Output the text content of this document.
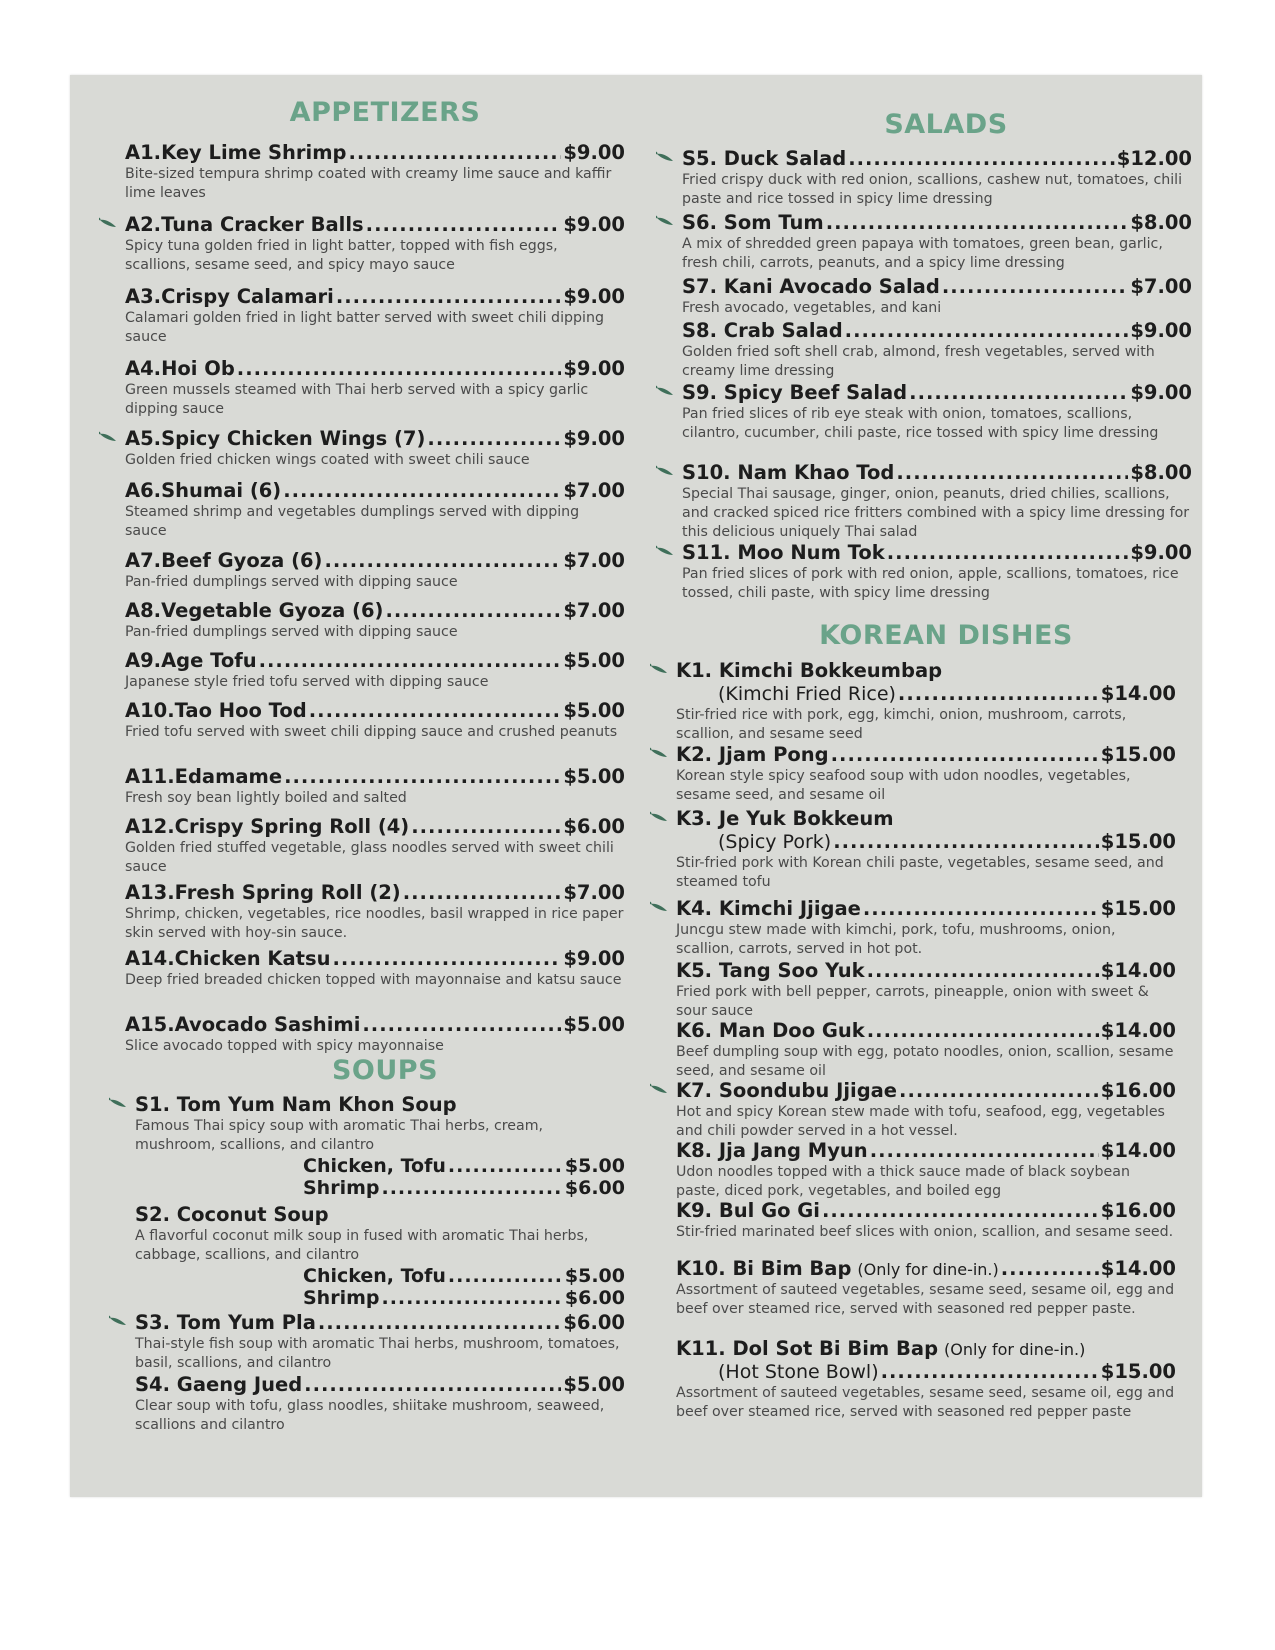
APPETIZERS
A1.Key Lime Shrimp .....	$9.00
Bite-sized tempura shrimp coated with creamy lime sauce and kaffir lime leaves
A2.Tuna Cracker Balls .....	$9.00
Spicy tuna golden fried in light batter, topped with fish eggs, scallions, sesame seed, and spicy mayo sauce
A3.Crispy Calamari .....	$9.00
Calamari golden fried in light batter served with sweet chili dipping sauce
A4.Hoi Ob .....	$9.00
Green mussels steamed with Thai herb served with a spicy garlic dipping sauce
A5.Spicy Chicken Wings (7) .....	$9.00
Golden fried chicken wings coated with sweet chili sauce
A6.Shumai (6) .....	$7.00
Steamed shrimp and vegetables dumplings served with dipping sauce
A7.Beef Gyoza (6) .....	$7.00
Pan-fried dumplings served with dipping sauce
A8.Vegetable Gyoza (6) .....	$7.00
Pan-fried dumplings served with dipping sauce
A9.Age Tofu .....	$5.00
Japanese style fried tofu served with dipping sauce
A10.Tao Hoo Tod .....	$5.00
Fried tofu served with sweet chili dipping sauce and crushed peanuts
A11.Edamame .....	$5.00
Fresh soy bean lightly boiled and salted
A12.Crispy Spring Roll (4) .....	$6.00
Golden fried stuffed vegetable, glass noodles served with sweet chili sauce
A13.Fresh Spring Roll (2) .....	$7.00
Shrimp, chicken, vegetables, rice noodles, basil wrapped in rice paper skin served with hoy-sin sauce.
A14.Chicken Katsu .....	$9.00
Deep fried breaded chicken topped with mayonnaise and katsu sauce
A15.Avocado Sashimi .....	$5.00
Slice avocado topped with spicy mayonnaise
SOUPS
S1. Tom Yum Nam Khon Soup
Famous Thai spicy soup with aromatic Thai herbs, cream, mushroom, scallions, and cilantro
Chicken, Tofu .....	$5.00
Shrimp .....	$6.00
S2. Coconut Soup
A flavorful coconut milk soup in fused with aromatic Thai herbs, cabbage, scallions, and cilantro
Chicken, Tofu .....	$5.00
Shrimp .....	$6.00
S3. Tom Yum Pla .....	$6.00
Thai-style fish soup with aromatic Thai herbs, mushroom, tomatoes, basil, scallions, and cilantro
S4. Gaeng Jued .....	$5.00
Clear soup with tofu, glass noodles, shiitake mushroom, seaweed, scallions and cilantro
SALADS
S5. Duck Salad .....	$12.00
Fried crispy duck with red onion, scallions, cashew nut, tomatoes, chili paste and rice tossed in spicy lime dressing
S6. Som Tum .....	$8.00
A mix of shredded green papaya with tomatoes, green bean, garlic, fresh chili, carrots, peanuts, and a spicy lime dressing
S7. Kani Avocado Salad .....	$7.00
Fresh avocado, vegetables, and kani
S8. Crab Salad .....	$9.00
Golden fried soft shell crab, almond, fresh vegetables, served with creamy lime dressing
S9. Spicy Beef Salad .....	$9.00
Pan fried slices of rib eye steak with onion, tomatoes, scallions, cilantro, cucumber, chili paste, rice tossed with spicy lime dressing
S10. Nam Khao Tod .....	$8.00
Special Thai sausage, ginger, onion, peanuts, dried chilies, scallions, and cracked spiced rice fritters combined with a spicy lime dressing for this delicious uniquely Thai salad
S11. Moo Num Tok .....	$9.00
Pan fried slices of pork with red onion, apple, scallions, tomatoes, rice tossed, chili paste, with spicy lime dressing
KOREAN DISHES
K1. Kimchi Bokkeumbap
(Kimchi Fried Rice) .....	$14.00
Stir-fried rice with pork, egg, kimchi, onion, mushroom, carrots, scallion, and sesame seed
K2. Jjam Pong .....	$15.00
Korean style spicy seafood soup with udon noodles, vegetables, sesame seed, and sesame oil
K3. Je Yuk Bokkeum
(Spicy Pork) .....	$15.00
Stir-fried pork with Korean chili paste, vegetables, sesame seed, and steamed tofu
K4. Kimchi Jjigae .....	$15.00
Juncgu stew made with kimchi, pork, tofu, mushrooms, onion, scallion, carrots, served in hot pot.
K5. Tang Soo Yuk .....	$14.00
Fried pork with bell pepper, carrots, pineapple, onion with sweet & sour sauce
K6. Man Doo Guk .....	$14.00
Beef dumpling soup with egg, potato noodles, onion, scallion, sesame seed, and sesame oil
K7. Soondubu Jjigae .....	$16.00
Hot and spicy Korean stew made with tofu, seafood, egg, vegetables and chili powder served in a hot vessel.
K8. Jja Jang Myun .....	$14.00
Udon noodles topped with a thick sauce made of black soybean paste, diced pork, vegetables, and boiled egg
K9. Bul Go Gi .....	$16.00
Stir-fried marinated beef slices with onion, scallion, and sesame seed.
K10. Bi Bim Bap (Only for dine-in.) .....	$14.00
Assortment of sauteed vegetables, sesame seed, sesame oil, egg and beef over steamed rice, served with seasoned red pepper paste.
K11. Dol Sot Bi Bim Bap (Only for dine-in.)
(Hot Stone Bowl) .....	$15.00
Assortment of sauteed vegetables, sesame seed, sesame oil, egg and beef over steamed rice, served with seasoned red pepper paste
